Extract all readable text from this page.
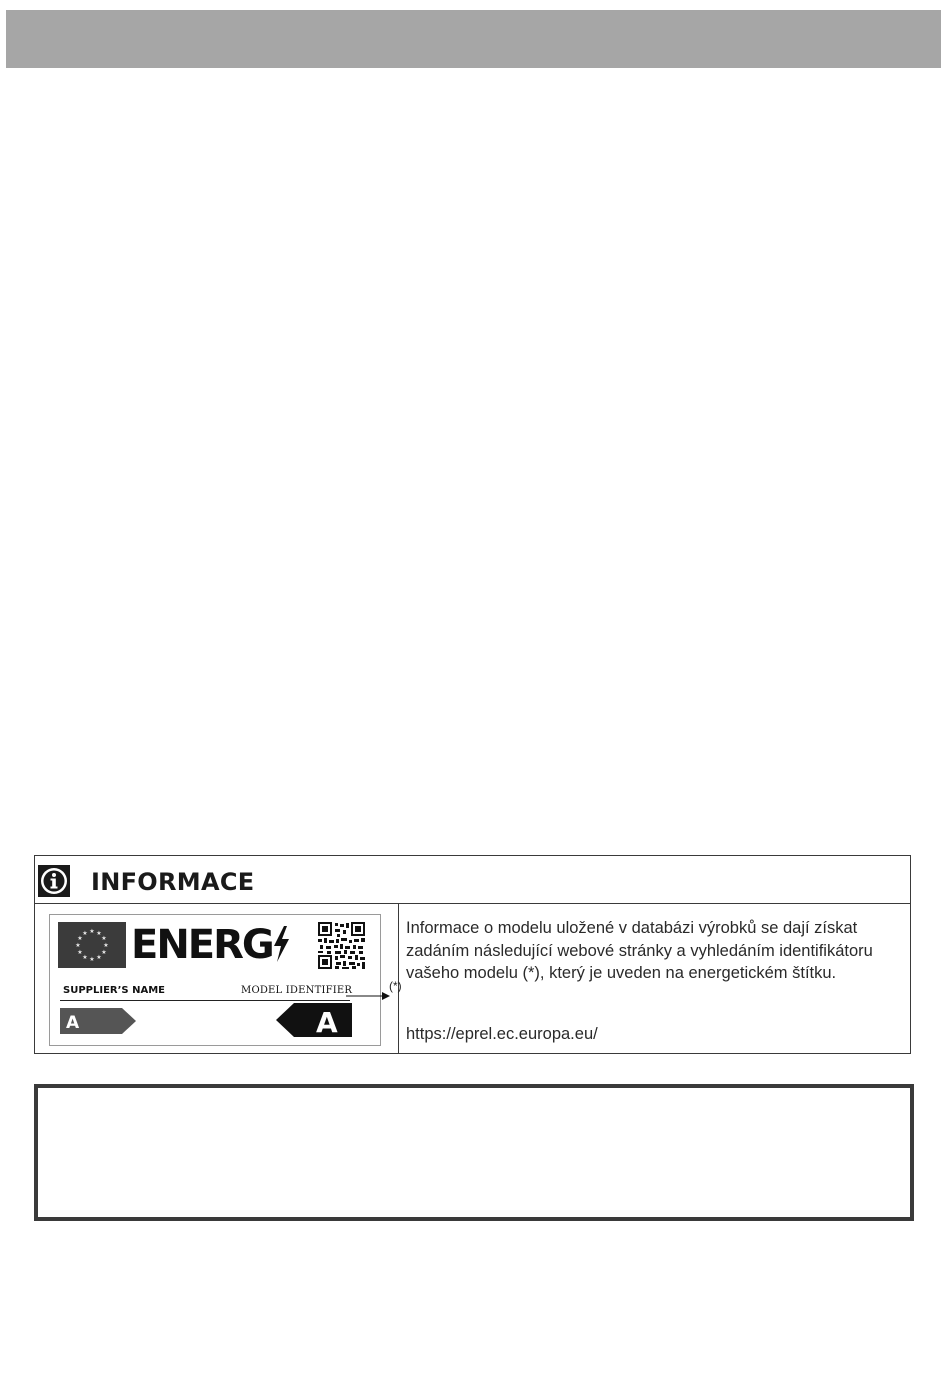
INFORMACE
★ ★
★
★
★
★
★
★
★
★
★
★ ENERG
SUPPLIER’S NAME	MODEL IDENTIFIER
A	A
(*)
Informace o modelu uložené v databázi výrobků se dají získat zadáním následující webové stránky a vyhledáním identifikátoru vašeho modelu (*), který je uveden na energetickém štítku.
https://eprel.ec.europa.eu/
